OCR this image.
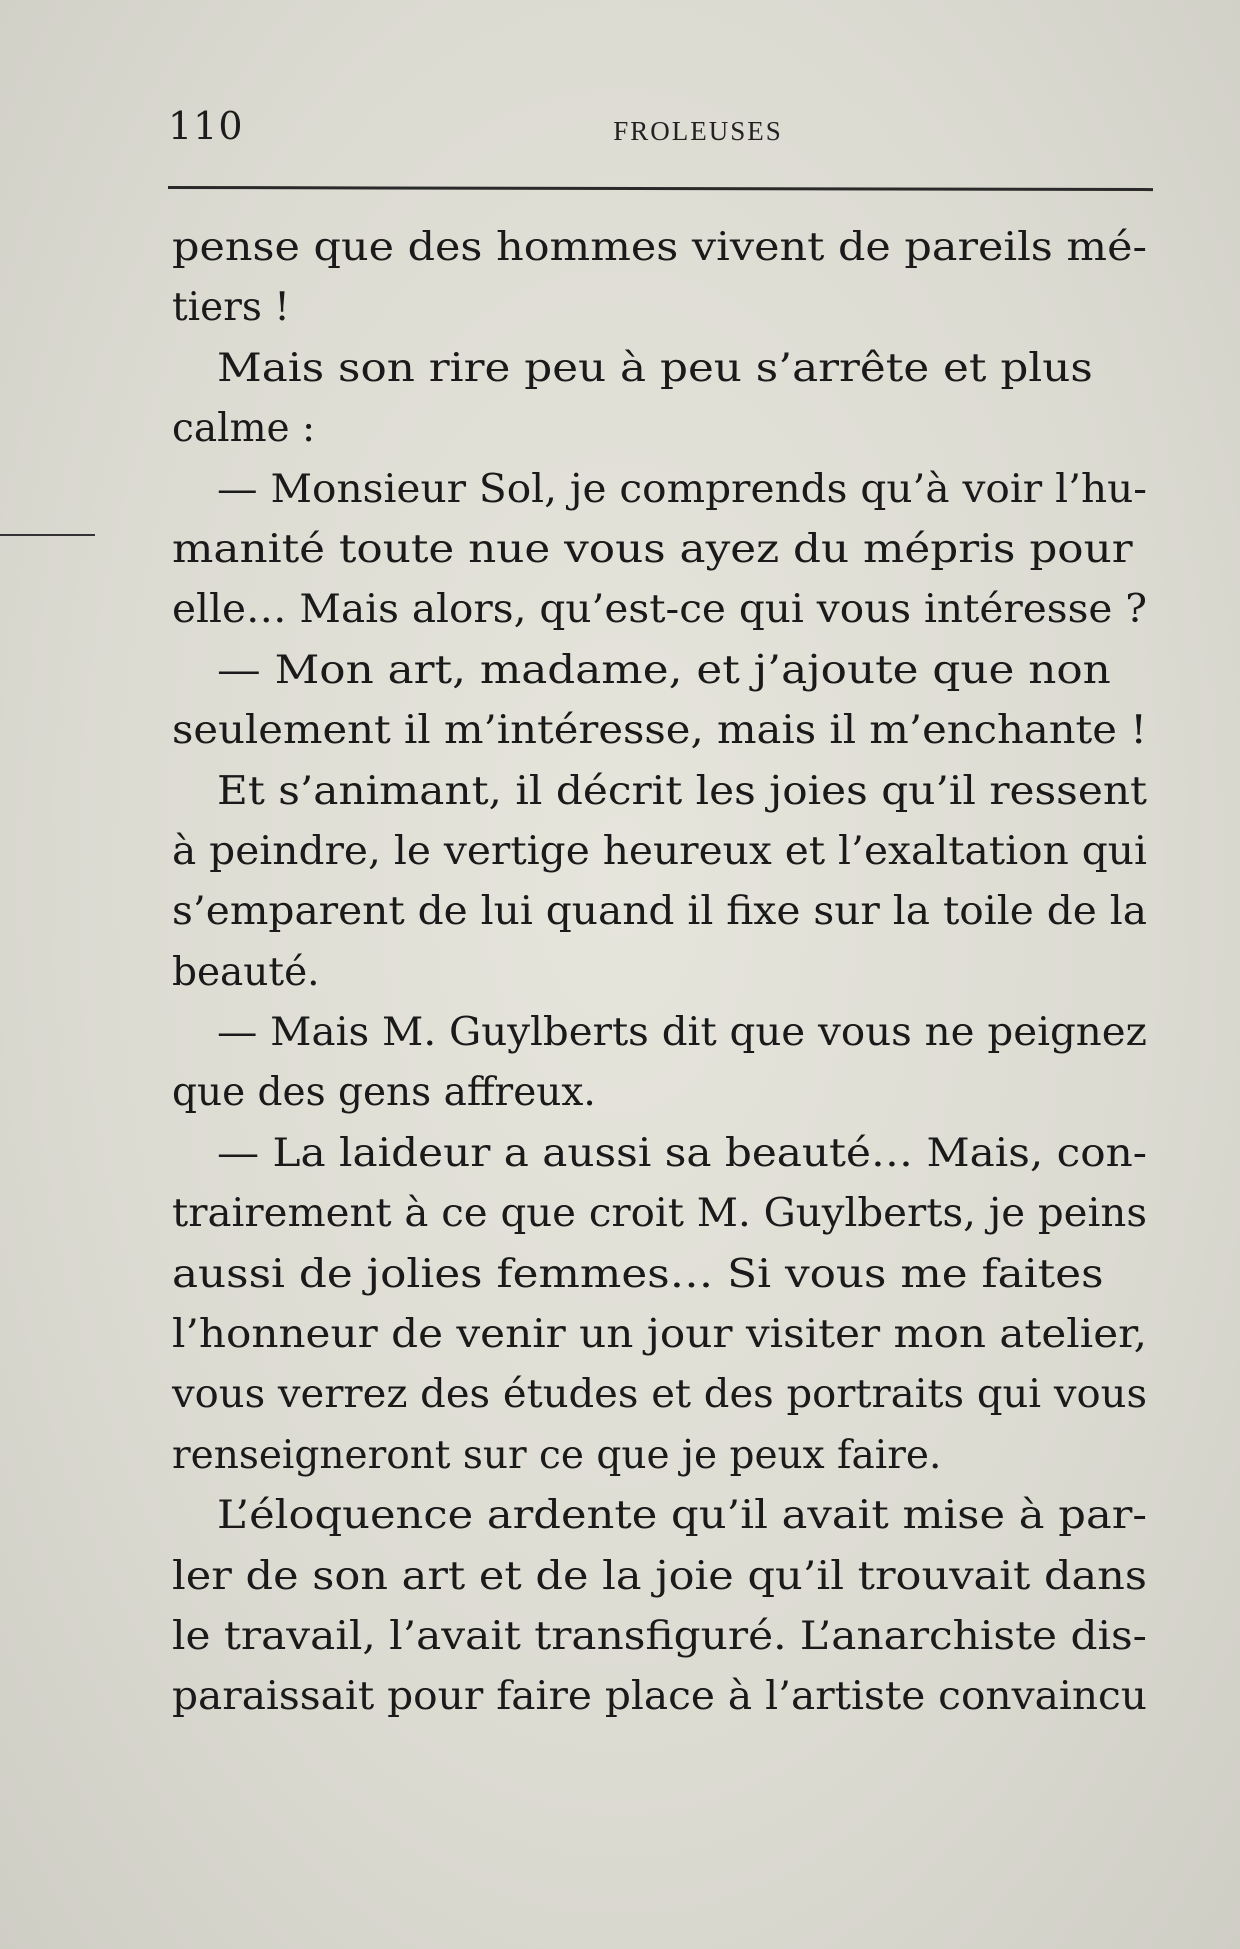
110	FROLEUSES
pense que des hommes vivent de pareils mé-
tiers !
Mais son rire peu à peu s’arrête et plus
calme :
— Monsieur Sol, je comprends qu’à voir l’hu-
manité toute nue vous ayez du mépris pour
elle… Mais alors, qu’est-ce qui vous intéresse ?
— Mon art, madame, et j’ajoute que non
seulement il m’intéresse, mais il m’enchante !
Et s’animant, il décrit les joies qu’il ressent
à peindre, le vertige heureux et l’exaltation qui
s’emparent de lui quand il fixe sur la toile de la
beauté.
— Mais M. Guylberts dit que vous ne peignez
que des gens affreux.
— La laideur a aussi sa beauté… Mais, con-
trairement à ce que croit M. Guylberts, je peins
aussi de jolies femmes… Si vous me faites
l’honneur de venir un jour visiter mon atelier,
vous verrez des études et des portraits qui vous
renseigneront sur ce que je peux faire.
L’éloquence ardente qu’il avait mise à par-
ler de son art et de la joie qu’il trouvait dans
le travail, l’avait transfiguré. L’anarchiste dis-
paraissait pour faire place à l’artiste convaincu
